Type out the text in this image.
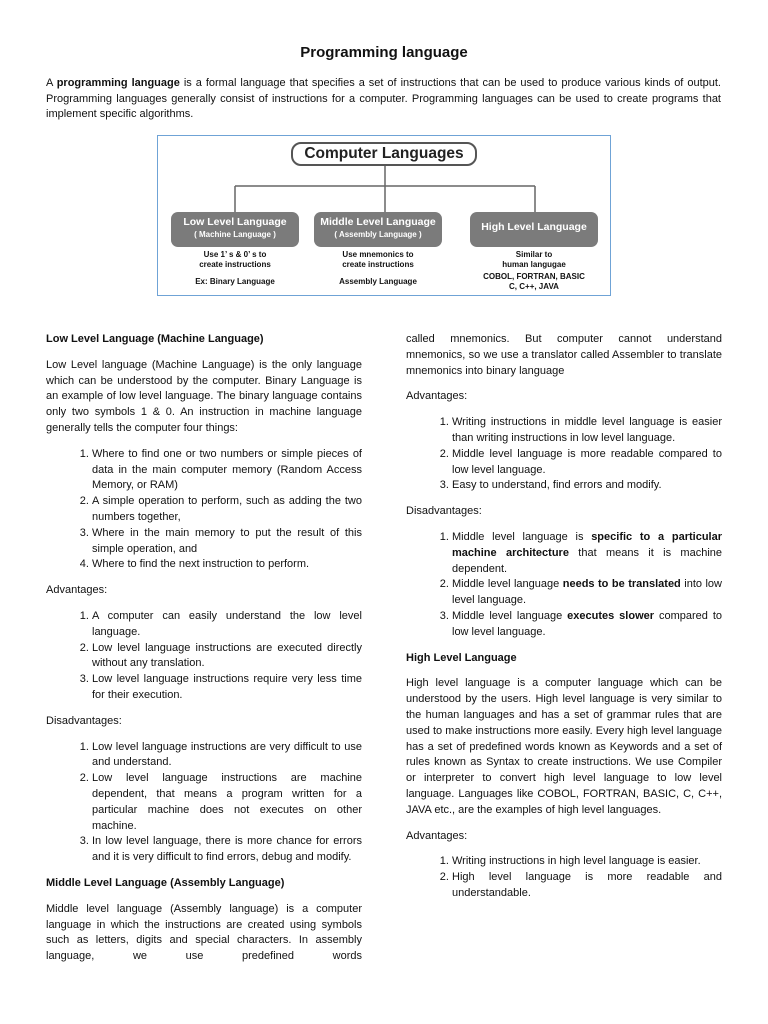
Programming language

A programming language is a formal language that specifies a set of instructions that can be used to produce various kinds of output. Programming languages generally consist of instructions for a computer. Programming languages can be used to create programs that implement specific algorithms.

Computer Languages
Low Level Language
( Machine Language )
Use 1’ s & 0’ s to
create instructions
Ex: Binary Language
Middle Level Language
( Assembly Language )
Use mnemonics to
create instructions
Assembly Language
High Level Language
Similar to
human langugae
COBOL, FORTRAN, BASIC
C, C++, JAVA
Low Level Language (Machine Language)

Low Level language (Machine Language) is the only language which can be understood by the computer. Binary Language is an example of low level language. The binary language contains only two symbols 1 & 0. An instruction in machine language generally tells the computer four things:

1. Where to find one or two numbers or simple pieces of data in the main computer memory (Random Access Memory, or RAM)
2. A simple operation to perform, such as adding the two numbers together,
3. Where in the main memory to put the result of this simple operation, and
4. Where to find the next instruction to perform.

Advantages:

1. A computer can easily understand the low level language.
2. Low level language instructions are executed directly without any translation.
3. Low level language instructions require very less time for their execution.

Disadvantages:

1. Low level language instructions are very difficult to use and understand.
2. Low level language instructions are machine dependent, that means a program written for a particular machine does not executes on other machine.
3. In low level language, there is more chance for errors and it is very difficult to find errors, debug and modify.
Middle Level Language (Assembly Language)

Middle level language (Assembly language) is a computer language in which the instructions are created using symbols such as letters, digits and special characters. In assembly language, we use predefined words

called mnemonics. But computer cannot understand mnemonics, so we use a translator called Assembler to translate mnemonics into binary language

Advantages:

1. Writing instructions in middle level language is easier than writing instructions in low level language.
2. Middle level language is more readable compared to low level language.
3. Easy to understand, find errors and modify.

Disadvantages:

1. Middle level language is specific to a particular machine architecture that means it is machine dependent.
2. Middle level language needs to be translated into low level language.
3. Middle level language executes slower compared to low level language.
High Level Language

High level language is a computer language which can be understood by the users. High level language is very similar to the human languages and has a set of grammar rules that are used to make instructions more easily. Every high level language has a set of predefined words known as Keywords and a set of rules known as Syntax to create instructions. We use Compiler or interpreter to convert high level language to low level language. Languages like COBOL, FORTRAN, BASIC, C, C++, JAVA etc., are the examples of high level languages.

Advantages:

1. Writing instructions in high level language is easier.
2. High level language is more readable and understandable.
